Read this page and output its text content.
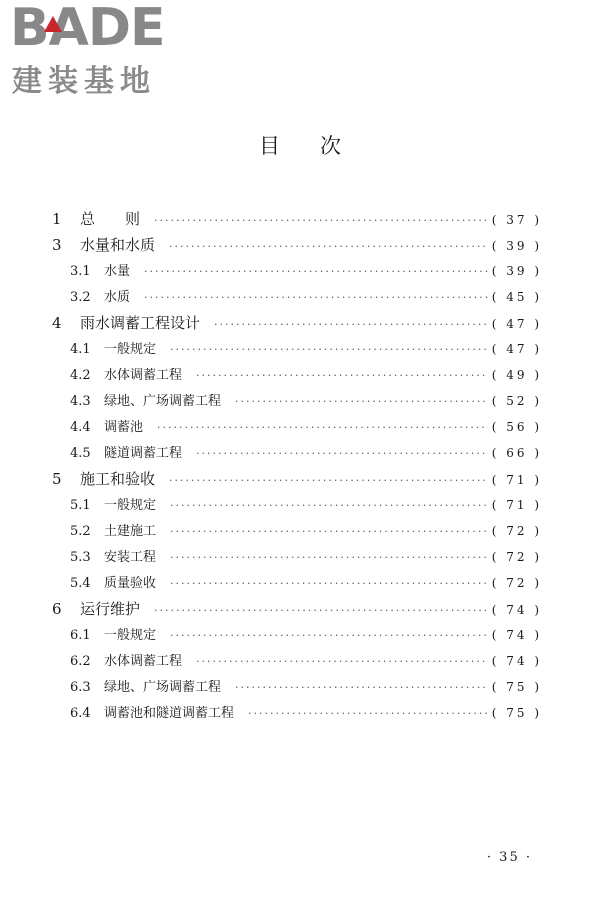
BADE
建装基地
目次
1	总　　则 ·····	( 37 )
3	水量和水质 ·····	( 39 )
3.1	水量 ·····	( 39 )
3.2	水质 ·····	( 45 )
4	雨水调蓄工程设计 ·····	( 47 )
4.1	一般规定 ·····	( 47 )
4.2	水体调蓄工程 ·····	( 49 )
4.3	绿地、广场调蓄工程 ·····	( 52 )
4.4	调蓄池 ·····	( 56 )
4.5	隧道调蓄工程 ·····	( 66 )
5	施工和验收 ·····	( 71 )
5.1	一般规定 ·····	( 71 )
5.2	土建施工 ·····	( 72 )
5.3	安装工程 ·····	( 72 )
5.4	质量验收 ·····	( 72 )
6	运行维护 ·····	( 74 )
6.1	一般规定 ·····	( 74 )
6.2	水体调蓄工程 ·····	( 74 )
6.3	绿地、广场调蓄工程 ·····	( 75 )
6.4	调蓄池和隧道调蓄工程 ·····	( 75 )
· 35 ·
